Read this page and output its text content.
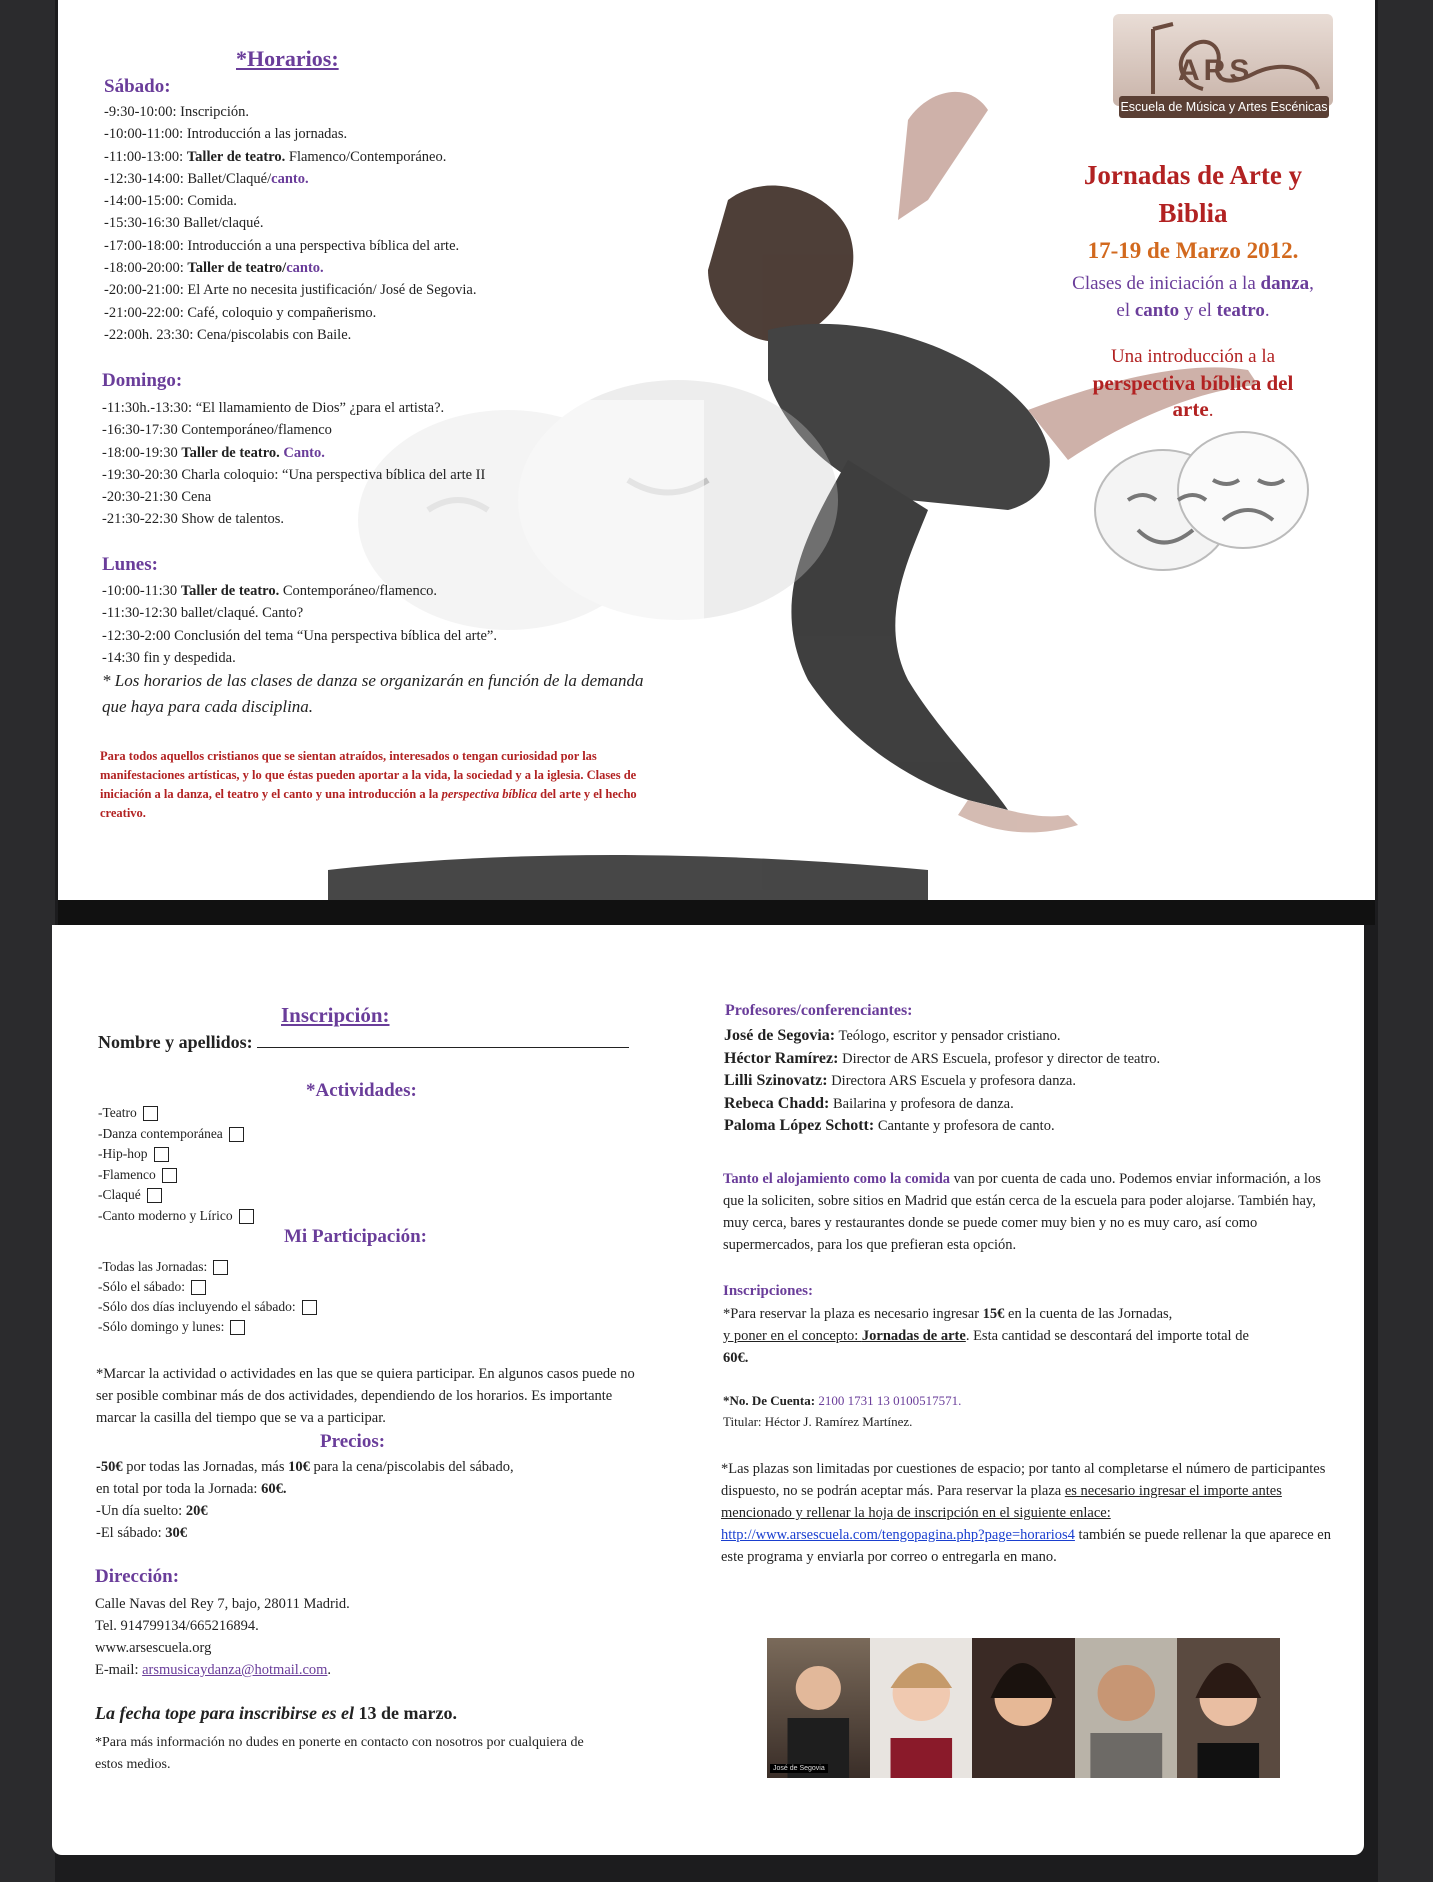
*Horarios:
Sábado:
-9:30-10:00: Inscripción.
-10:00-11:00: Introducción a las jornadas.
-11:00-13:00: Taller de teatro. Flamenco/Contemporáneo.
-12:30-14:00: Ballet/Claqué/canto.
-14:00-15:00: Comida.
-15:30-16:30 Ballet/claqué.
-17:00-18:00: Introducción a una perspectiva bíblica del arte.
-18:00-20:00: Taller de teatro/canto.
-20:00-21:00: El Arte no necesita justificación/ José de Segovia.
-21:00-22:00: Café, coloquio y compañerismo.
-22:00h. 23:30: Cena/piscolabis con Baile.
Domingo:
-11:30h.-13:30: “El llamamiento de Dios” ¿para el artista?.
-16:30-17:30 Contemporáneo/flamenco
-18:00-19:30 Taller de teatro. Canto.
-19:30-20:30 Charla coloquio: “Una perspectiva bíblica del arte II
-20:30-21:30 Cena
-21:30-22:30 Show de talentos.
Lunes:
-10:00-11:30 Taller de teatro. Contemporáneo/flamenco.
-11:30-12:30 ballet/claqué. Canto?
-12:30-2:00 Conclusión del tema “Una perspectiva bíblica del arte”.
-14:30 fin y despedida.
* Los horarios de las clases de danza se organizarán en función de la demanda que haya para cada disciplina.
Para todos aquellos cristianos que se sientan atraídos, interesados o tengan curiosidad por las manifestaciones artísticas, y lo que éstas pueden aportar a la vida, la sociedad y a la iglesia. Clases de iniciación a la danza, el teatro y el canto y una introducción a la perspectiva bíblica del arte y el hecho creativo.
ARS
Escuela de Música y Artes Escénicas
Jornadas de Arte y Biblia
17-19 de Marzo 2012.
Clases de iniciación a la danza,
el canto y el teatro.
Una introducción a la
perspectiva bíblica del
arte.
Inscripción:
Nombre y apellidos:
*Actividades:
-Teatro
-Danza contemporánea
-Hip-hop
-Flamenco
-Claqué
-Canto moderno y Lírico
Mi Participación:
-Todas las Jornadas:
-Sólo el sábado:
-Sólo dos días incluyendo el sábado:
-Sólo domingo y lunes:
*Marcar la actividad o actividades en las que se quiera participar. En algunos casos puede no ser posible combinar más de dos actividades, dependiendo de los horarios. Es importante marcar la casilla del tiempo que se va a participar.
Precios:
-50€ por todas las Jornadas, más 10€ para la cena/piscolabis del sábado,
en total por toda la Jornada: 60€.
-Un día suelto: 20€
-El sábado: 30€
Dirección:
Calle Navas del Rey 7, bajo, 28011 Madrid.
Tel. 914799134/665216894.
www.arsescuela.org
E-mail: arsmusicaydanza@hotmail.com.
La fecha tope para inscribirse es el 13 de marzo.
*Para más información no dudes en ponerte en contacto con nosotros por cualquiera de estos medios.
Profesores/conferenciantes:
José de Segovia: Teólogo, escritor y pensador cristiano.
Héctor Ramírez: Director de ARS Escuela, profesor y director de teatro.
Lilli Szinovatz: Directora ARS Escuela y profesora danza.
Rebeca Chadd: Bailarina y profesora de danza.
Paloma López Schott: Cantante y profesora de canto.
Tanto el alojamiento como la comida van por cuenta de cada uno. Podemos enviar información, a los que la soliciten, sobre sitios en Madrid que están cerca de la escuela para poder alojarse. También hay, muy cerca, bares y restaurantes donde se puede comer muy bien y no es muy caro, así como supermercados, para los que prefieran esta opción.
Inscripciones:
*Para reservar la plaza es necesario ingresar 15€ en la cuenta de las Jornadas,
y poner en el concepto: Jornadas de arte. Esta cantidad se descontará del importe total de 60€.
*No. De Cuenta: 2100 1731 13 0100517571.
Titular: Héctor J. Ramírez Martínez.
*Las plazas son limitadas por cuestiones de espacio; por tanto al completarse el número de participantes dispuesto, no se podrán aceptar más. Para reservar la plaza es necesario ingresar el importe antes mencionado y rellenar la hoja de inscripción en el siguiente enlace: http://www.arsescuela.com/tengopagina.php?page=horarios4 también se puede rellenar la que aparece en este programa y enviarla por correo o entregarla en mano.
José de Segovia
